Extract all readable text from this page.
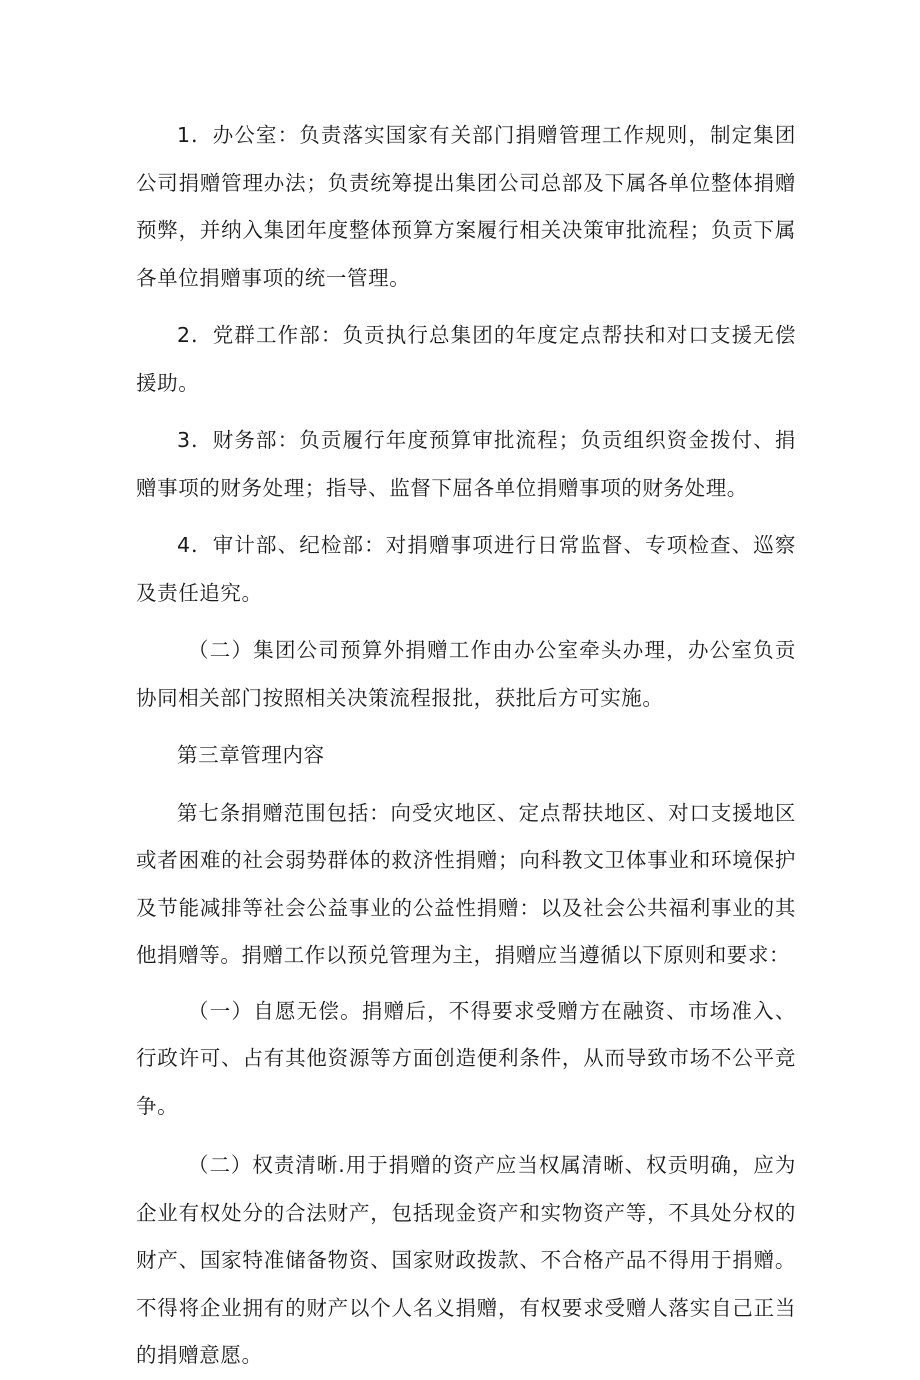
1．办公室：负责落实国家有关部门捐赠管理工作规则，制定集团公司捐赠管理办法；负责统筹提出集团公司总部及下属各单位整体捐赠预弊，并纳入集团年度整体预算方案履行相关决策审批流程；负贡下属各单位捐赠事项的统一管理。

2．党群工作部：负贡执行总集团的年度定点帮扶和对口支援无偿援助。

3．财务部：负贡履行年度预算审批流程；负贡组织资金拨付、捐赠事项的财务处理；指导、监督下屈各单位捐赠事项的财务处理。

4．审计部、纪检部：对捐赠事项进行日常监督、专项检查、巡察及责任追究。

（二）集团公司预算外捐赠工作由办公室牵头办理，办公室负贡协同相关部门按照相关决策流程报批，获批后方可实施。

第三章管理内容

第七条捐赠范围包括：向受灾地区、定点帮扶地区、对口支援地区或者困难的社会弱势群体的救济性捐赠；向科教文卫体事业和环境保护及节能减排等社会公益事业的公益性捐赠：以及社会公共福利事业的其他捐赠等。捐赠工作以预兑管理为主，捐赠应当遵循以下原则和要求：

（一）自愿无偿。捐赠后，不得要求受赠方在融资、市场准入、行政许可、占有其他资源等方面创造便利条件，从而导致市场不公平竞争。

（二）权责清晰.用于捐赠的资产应当权属清晰、权贡明确，应为企业有权处分的合法财产，包括现金资产和实物资产等，不具处分权的财产、国家特准储备物资、国家财政拨款、不合格产品不得用于捐赠。不得将企业拥有的财产以个人名义捐赠，有权要求受赠人落实自己正当的捐赠意愿。
